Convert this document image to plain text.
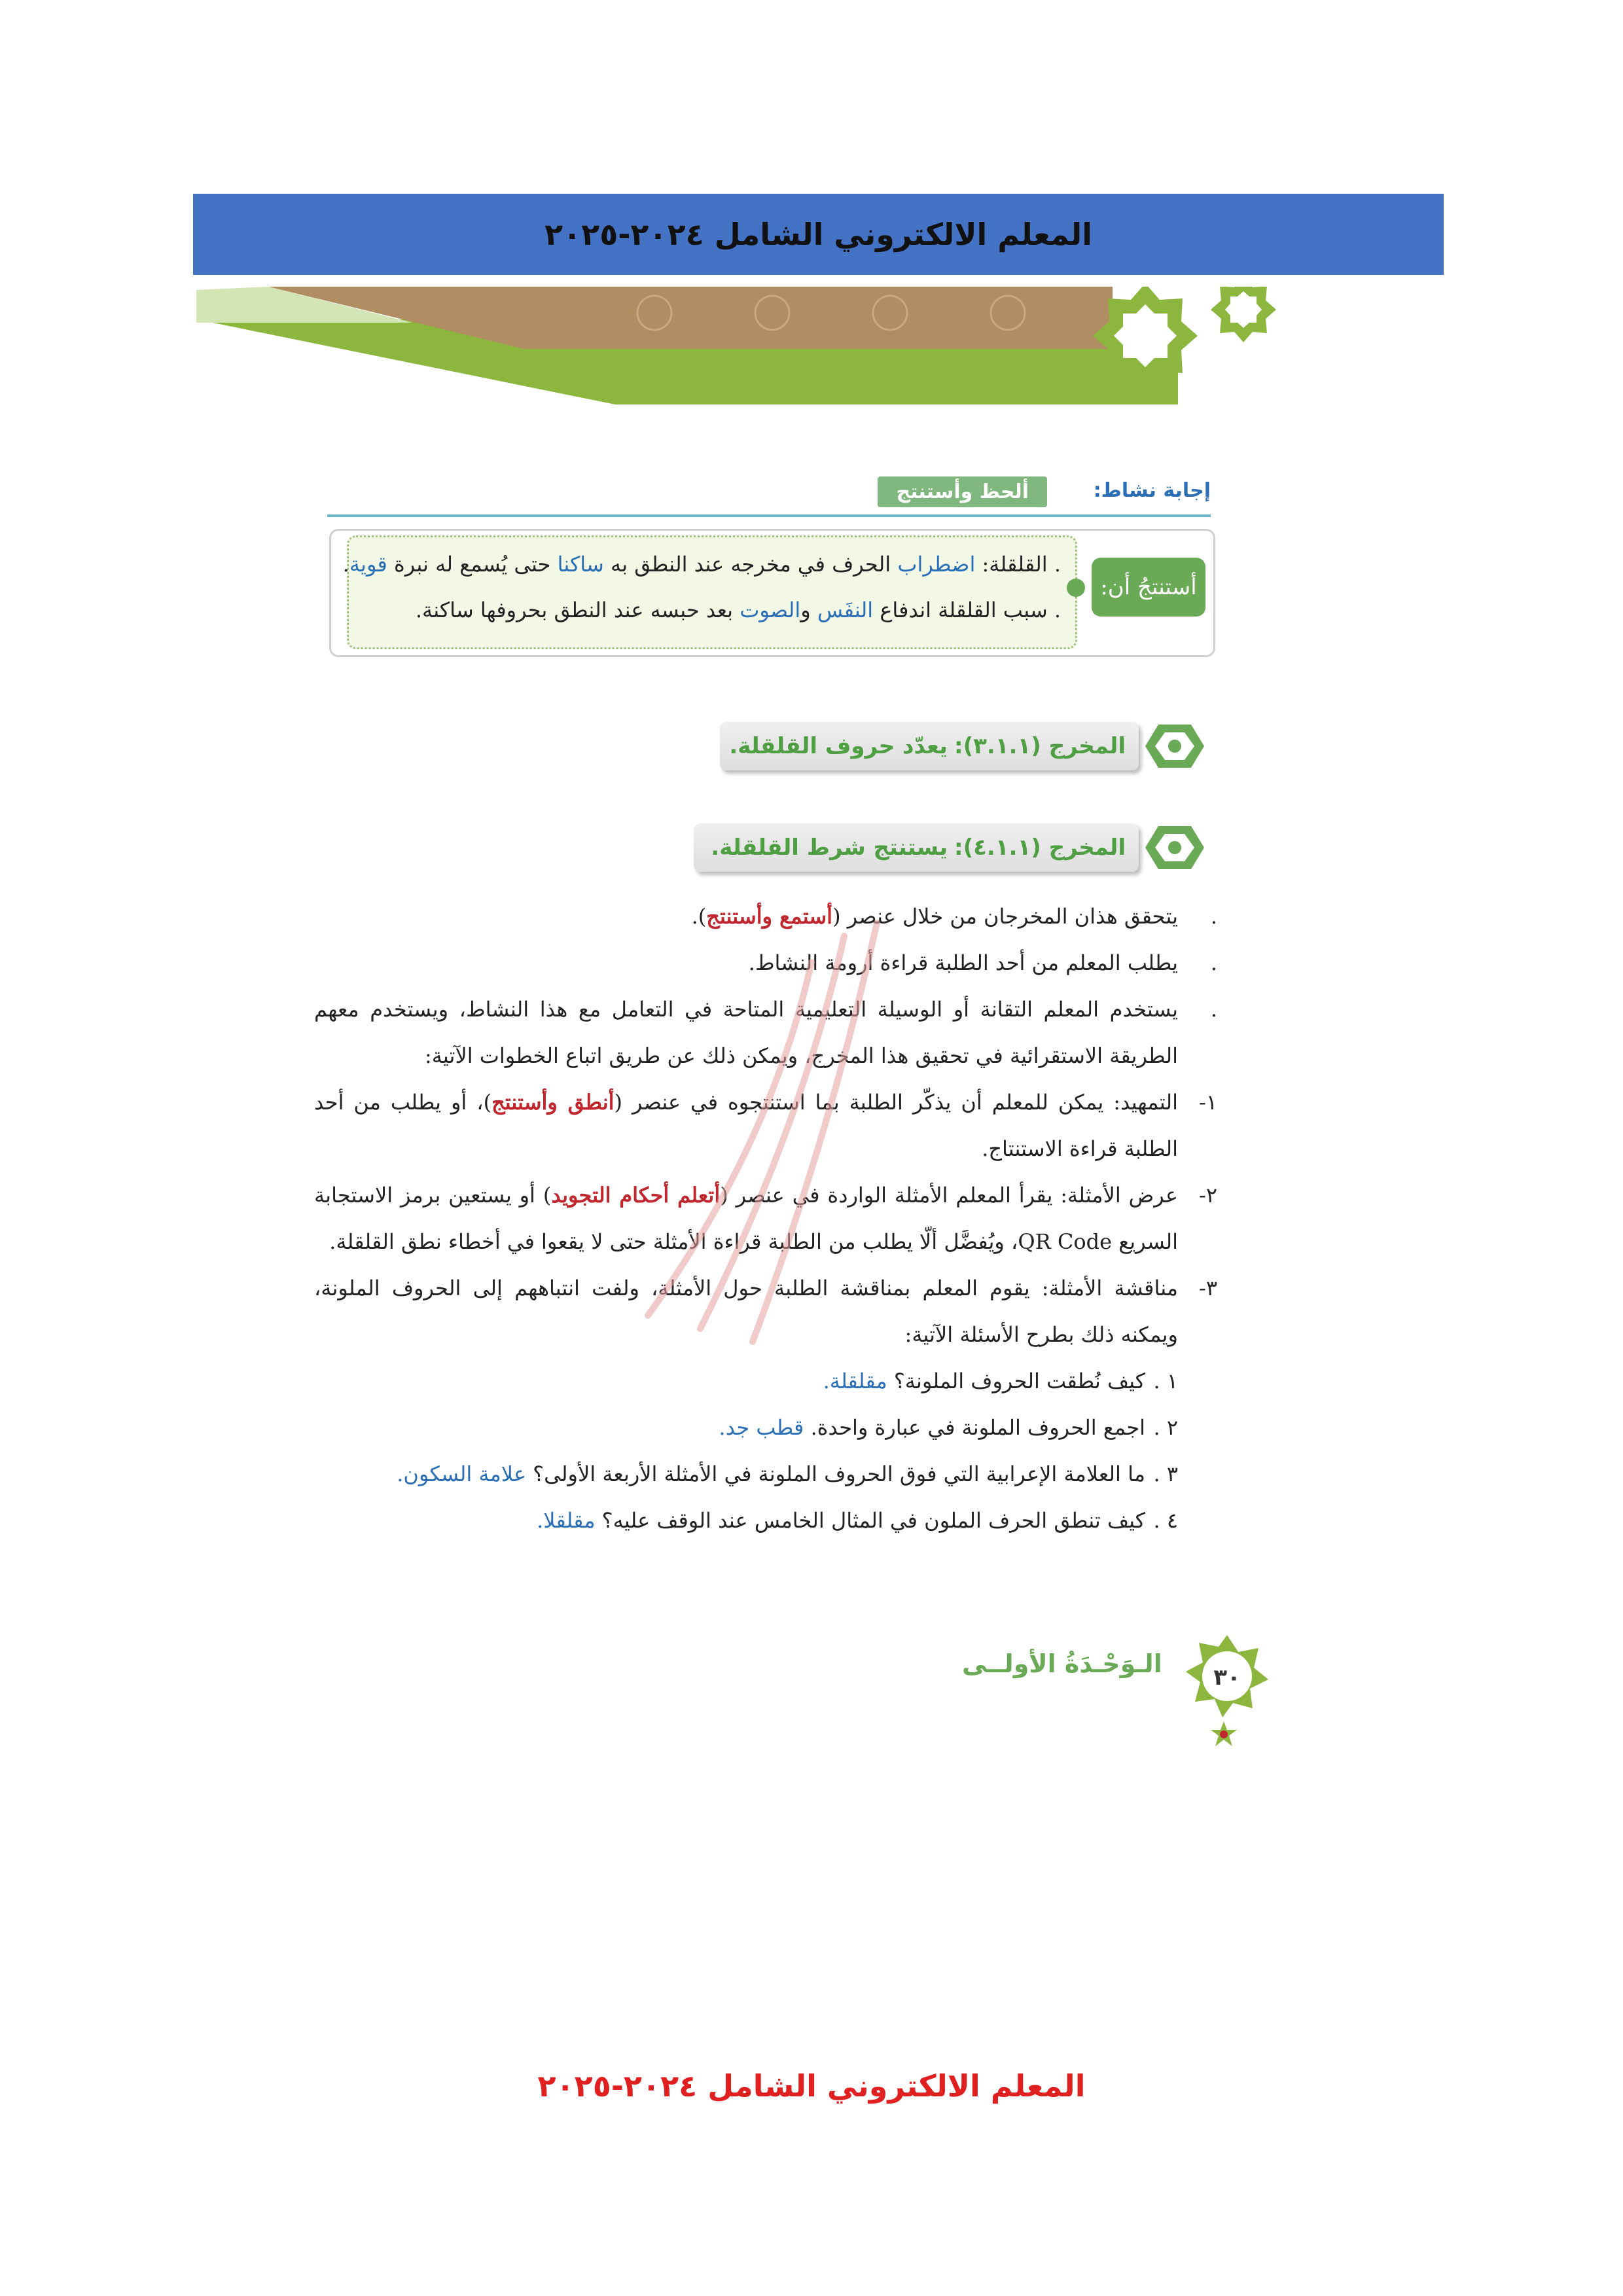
المعلم الالكتروني الشامل ٢٠٢٤-٢٠٢٥
إجابة نشاط:
ألحظ وأستنتج
. القلقلة: اضطراب الحرف في مخرجه عند النطق به ساكنا حتى يُسمع له نبرة قوية.
. سبب القلقلة اندفاع النفَس والصوت بعد حبسه عند النطق بحروفها ساكنة.
أستنتجُ أن:
المخرج (٣.١.١):
يعدّد حروف القلقلة.
المخرج (٤.١.١):
يستنتج شرط القلقلة.
.
يتحقق هذان المخرجان من خلال عنصر (أستمع وأستنتج).
.
يطلب المعلم من أحد الطلبة قراءة أرومة النشاط.
.
يستخدم المعلم التقانة أو الوسيلة التعليمية المتاحة في التعامل مع هذا النشاط، ويستخدم معهم الطريقة الاستقرائية في تحقيق هذا المخرج، ويمكن ذلك عن طريق اتباع الخطوات الآتية:
١-
التمهيد: يمكن للمعلم أن يذكّر الطلبة بما استنتجوه في عنصر (أنطق وأستنتج)، أو يطلب من أحد الطلبة قراءة الاستنتاج.
٢-
عرض الأمثلة: يقرأ المعلم الأمثلة الواردة في عنصر (أتعلم أحكام التجويد) أو يستعين برمز الاستجابة السريع QR Code، ويُفضَّل ألّا يطلب من الطلبة قراءة الأمثلة حتى لا يقعوا في أخطاء نطق القلقلة.
٣-
مناقشة الأمثلة: يقوم المعلم بمناقشة الطلبة حول الأمثلة، ولفت انتباههم إلى الحروف الملونة، ويمكنه ذلك بطرح الأسئلة الآتية:
١ .
كيف نُطقت الحروف الملونة؟ مقلقلة.
٢ .
اجمع الحروف الملونة في عبارة واحدة. قطب جد.
٣ .
ما العلامة الإعرابية التي فوق الحروف الملونة في الأمثلة الأربعة الأولى؟ علامة السكون.
٤ .
كيف تنطق الحرف الملون في المثال الخامس عند الوقف عليه؟ مقلقلا.
الـوَحْـدَةُ الأولــى ٣٠
المعلم الالكتروني الشامل ٢٠٢٤-٢٠٢٥
